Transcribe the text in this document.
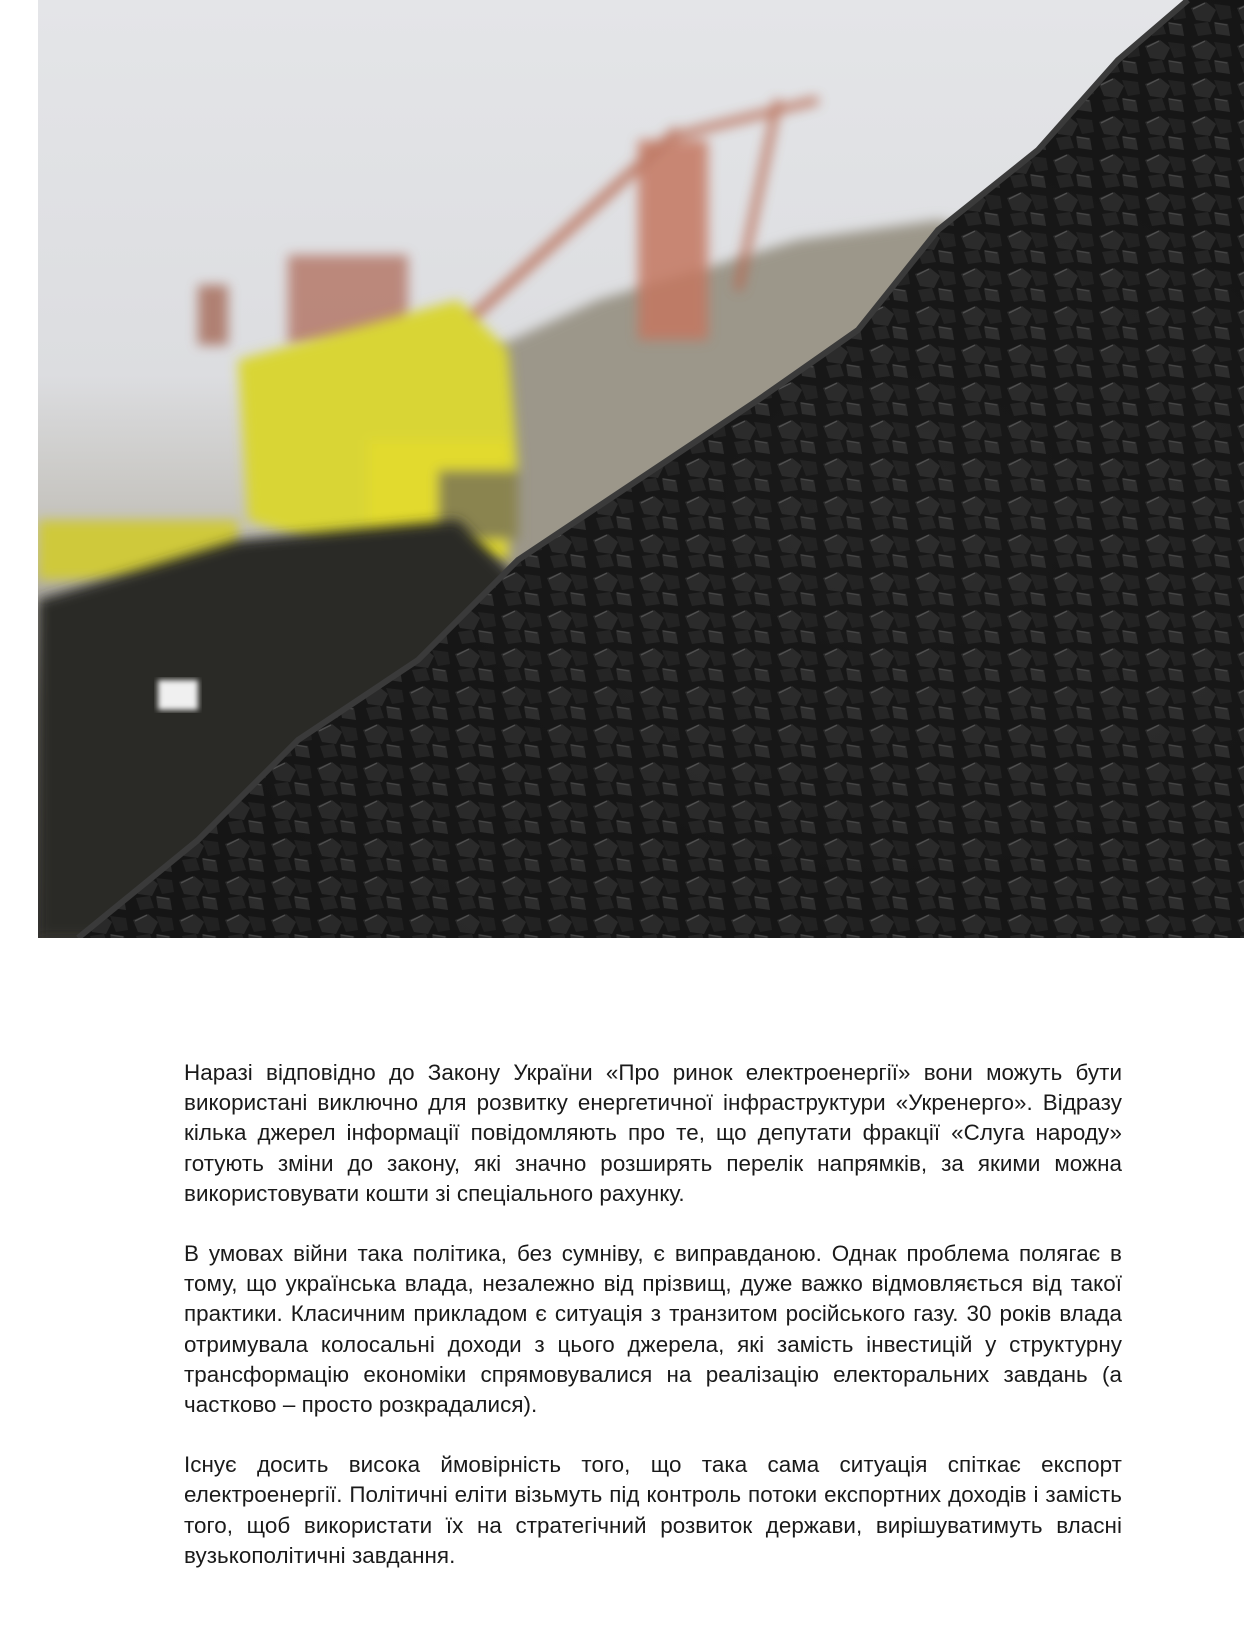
Наразі відповідно до Закону України «Про ринок електроенергії» вони можуть бути використані виключно для розвитку енергетичної інфраструктури «Укренерго». Відразу кілька джерел інформації повідомляють про те, що депутати фракції «Слуга народу» готують зміни до закону, які значно розширять перелік напрямків, за якими можна використовувати кошти зі спеціального рахунку.

В умовах війни така політика, без сумніву, є виправданою. Однак проблема полягає в тому, що українська влада, незалежно від прізвищ, дуже важко відмовляється від такої практики. Класичним прикладом є ситуація з транзитом російського газу. 30 років влада отримувала колосальні доходи з цього джерела, які замість інвестицій у структурну трансформацію економіки спрямовувалися на реалізацію електоральних завдань (а частково – просто розкрадалися).

Існує досить висока ймовірність того, що така сама ситуація спіткає експорт електроенергії. Політичні еліти візьмуть під контроль потоки експортних доходів і замість того, щоб використати їх на стратегічний розвиток держави, вирішуватимуть власні вузькополітичні завдання.
